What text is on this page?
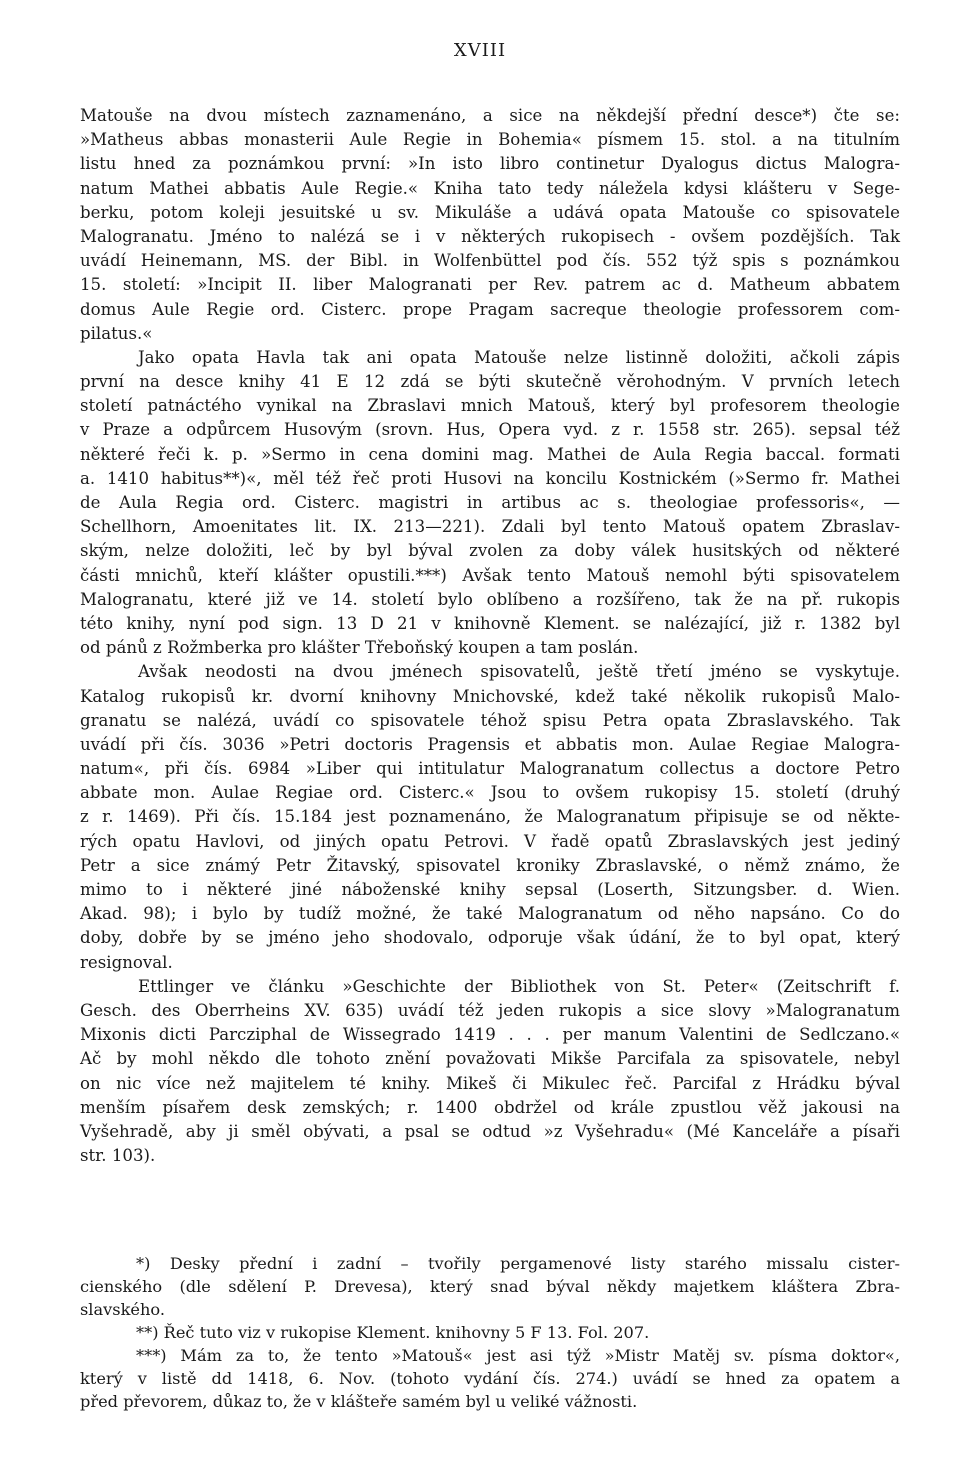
XVIII
Matouše na dvou místech zaznamenáno, a sice na někdejší přední desce*) čte se:
»Matheus abbas monasterii Aule Regie in Bohemia« písmem 15. stol. a na titulním
listu hned za poznámkou první: »In isto libro continetur Dyalogus dictus Malogra-
natum Mathei abbatis Aule Regie.« Kniha tato tedy náležela kdysi klášteru v Sege-
berku, potom koleji jesuitské u sv. Mikuláše a udává opata Matouše co spisovatele
Malogranatu. Jméno to nalézá se i v některých rukopisech - ovšem pozdějších. Tak
uvádí Heinemann, MS. der Bibl. in Wolfenbüttel pod čís. 552 týž spis s poznámkou
15. století: »Incipit II. liber Malogranati per Rev. patrem ac d. Matheum abbatem
domus Aule Regie ord. Cisterc. prope Pragam sacreque theologie professorem com-
pilatus.«
Jako opata Havla tak ani opata Matouše nelze listinně doložiti, ačkoli zápis
první na desce knihy 41 E 12 zdá se býti skutečně věrohodným. V prvních letech
století patnáctého vynikal na Zbraslavi mnich Matouš, který byl profesorem theologie
v Praze a odpůrcem Husovým (srovn. Hus, Opera vyd. z r. 1558 str. 265). sepsal též
některé řeči k. p. »Sermo in cena domini mag. Mathei de Aula Regia baccal. formati
a. 1410 habitus**)«, měl též řeč proti Husovi na koncilu Kostnickém (»Sermo fr. Mathei
de Aula Regia ord. Cisterc. magistri in artibus ac s. theologiae professoris«, —
Schellhorn, Amoenitates lit. IX. 213—221). Zdali byl tento Matouš opatem Zbraslav-
ským, nelze doložiti, leč by byl býval zvolen za doby válek husitských od některé
části mnichů, kteří klášter opustili.***) Avšak tento Matouš nemohl býti spisovatelem
Malogranatu, které již ve 14. století bylo oblíbeno a rozšířeno, tak že na př. rukopis
této knihy, nyní pod sign. 13 D 21 v knihovně Klement. se nalézající, již r. 1382 byl
od pánů z Rožmberka pro klášter Třeboňský koupen a tam poslán.
Avšak neodosti na dvou jménech spisovatelů, ještě třetí jméno se vyskytuje.
Katalog rukopisů kr. dvorní knihovny Mnichovské, kdež také několik rukopisů Malo-
granatu se nalézá, uvádí co spisovatele téhož spisu Petra opata Zbraslavského. Tak
uvádí při čís. 3036 »Petri doctoris Pragensis et abbatis mon. Aulae Regiae Malogra-
natum«, při čís. 6984 »Liber qui intitulatur Malogranatum collectus a doctore Petro
abbate mon. Aulae Regiae ord. Cisterc.« Jsou to ovšem rukopisy 15. století (druhý
z r. 1469). Při čís. 15.184 jest poznamenáno, že Malogranatum připisuje se od někte-
rých opatu Havlovi, od jiných opatu Petrovi. V řadě opatů Zbraslavských jest jediný
Petr a sice známý Petr Žitavský, spisovatel kroniky Zbraslavské, o němž známo, že
mimo to i některé jiné náboženské knihy sepsal (Loserth, Sitzungsber. d. Wien.
Akad. 98); i bylo by tudíž možné, že také Malogranatum od něho napsáno. Co do
doby, dobře by se jméno jeho shodovalo, odporuje však údání, že to byl opat, který
resignoval.
Ettlinger ve článku »Geschichte der Bibliothek von St. Peter« (Zeitschrift f.
Gesch. des Oberrheins XV. 635) uvádí též jeden rukopis a sice slovy »Malogranatum
Mixonis dicti Parcziphal de Wissegrado 1419 . . . per manum Valentini de Sedlczano.«
Ač by mohl někdo dle tohoto znění považovati Mikše Parcifala za spisovatele, nebyl
on nic více než majitelem té knihy. Mikeš či Mikulec řeč. Parcifal z Hrádku býval
menším písařem desk zemských; r. 1400 obdržel od krále zpustlou věž jakousi na
Vyšehradě, aby ji směl obývati, a psal se odtud »z Vyšehradu« (Mé Kanceláře a písaři
str. 103).
*) Desky přední i zadní – tvořily pergamenové listy starého missalu cister-
cienského (dle sdělení P. Drevesa), který snad býval někdy majetkem kláštera Zbra-
slavského.
**) Řeč tuto viz v rukopise Klement. knihovny 5 F 13. Fol. 207.
***) Mám za to, že tento »Matouš« jest asi týž »Mistr Matěj sv. písma doktor«,
který v listě dd 1418, 6. Nov. (tohoto vydání čís. 274.) uvádí se hned za opatem a
před převorem, důkaz to, že v klášteře samém byl u veliké vážnosti.
